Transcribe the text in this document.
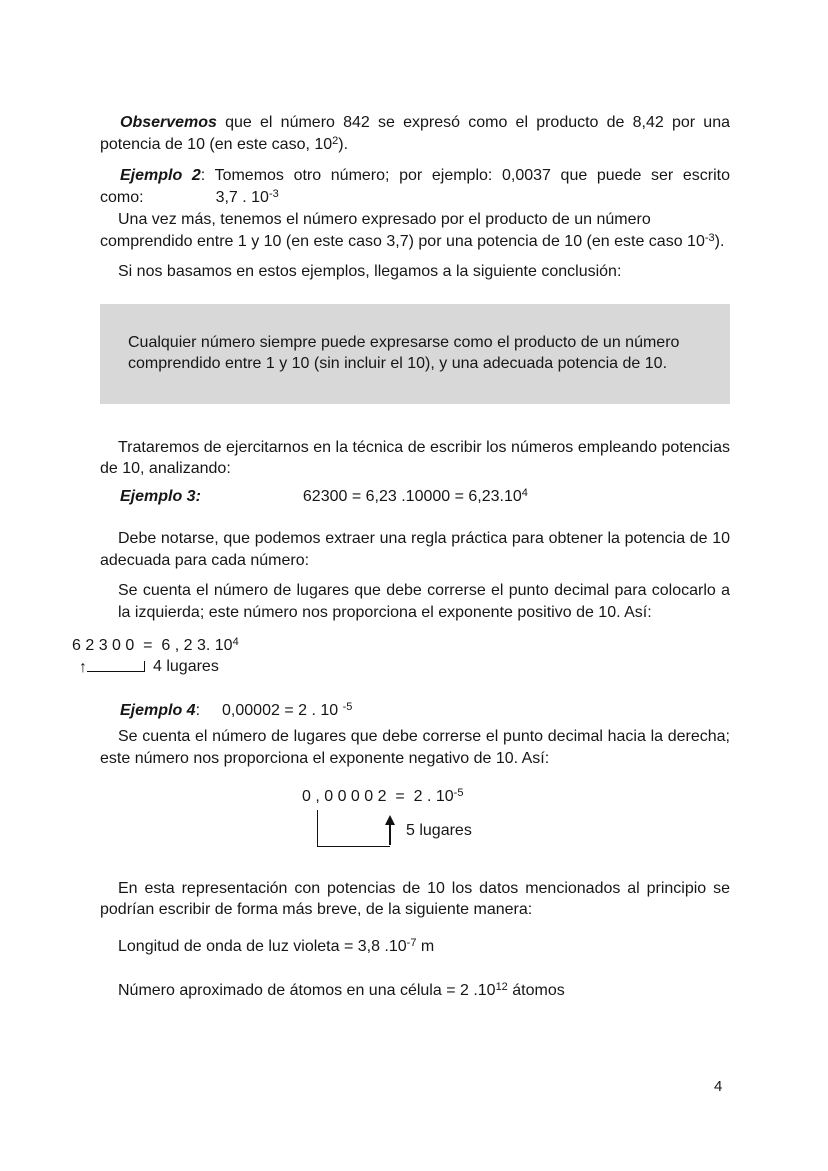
Observemos que el número 842 se expresó como el producto de 8,42 por una potencia de 10 (en este caso, $10^2$).

Ejemplo 2: Tomemos otro número; por ejemplo: 0,0037 que puede ser escrito

como:	3,7 . $10^{-3}$

Una vez más, tenemos el número expresado por el producto de un número comprendido entre 1 y 10 (en este caso 3,7) por una potencia de 10 (en este caso $10^{-3}$).

Si nos basamos en estos ejemplos, llegamos a la siguiente conclusión:

Cualquier número siempre puede expresarse como el producto de un número comprendido entre 1 y 10 (sin incluir el 10), y una adecuada potencia de 10.

Trataremos de ejercitarnos en la técnica de escribir los números empleando potencias de 10, analizando:

Ejemplo 3:	62300 = 6,23 $.10000 = 6,23.10^4$

Debe notarse, que podemos extraer una regla práctica para obtener la potencia de 10 adecuada para cada número:

Se cuenta el número de lugares que debe correrse el punto decimal para colocarlo a la izquierda; este número nos proporciona el exponente positivo de 10. Así:

6 2 3 0 0  =  6 , 2 3. $10^4$
↑	4 lugares

Ejemplo 4: 0,00002 = 2 . 10 $^{-5}$

Se cuenta el número de lugares que debe correrse el punto decimal hacia la derecha; este número nos proporciona el exponente negativo de 10. Así:

0 , 0 0 0 0 2  =  2 . $10^{-5}$
5 lugares

En esta representación con potencias de 10 los datos mencionados al principio se podrían escribir de forma más breve, de la siguiente manera:

Longitud de onda de luz violeta = 3,8 $.10^{-7}$ m

Número aproximado de átomos en una célula = 2 $.10^{12}$ átomos

4
